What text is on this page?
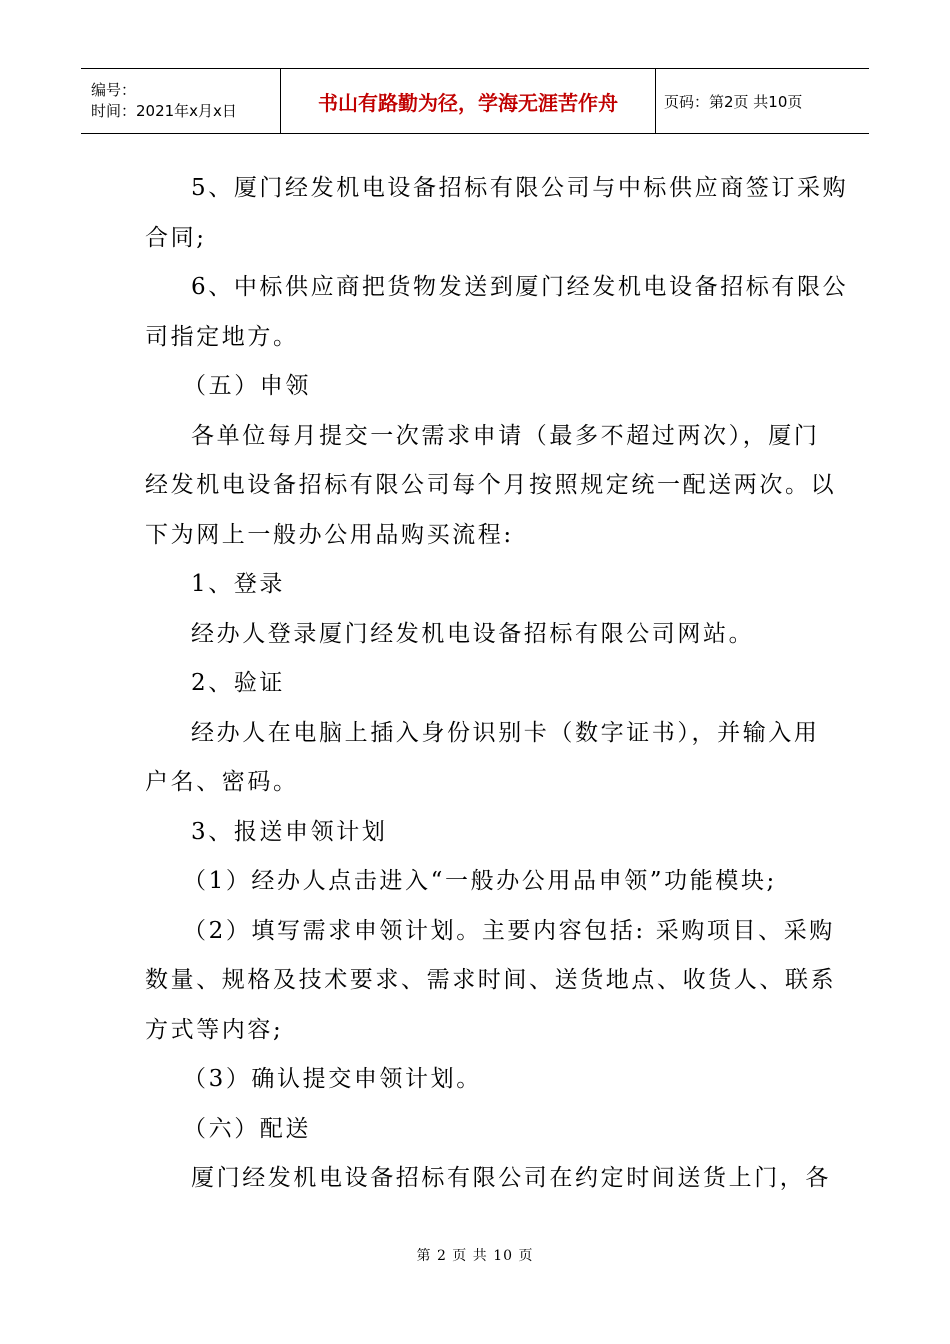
编号：
时间：2021年x月x日	书山有路勤为径，学海无涯苦作舟	页码：第2页 共10页

5、厦门经发机电设备招标有限公司与中标供应商签订采购

合同;

6、中标供应商把货物发送到厦门经发机电设备招标有限公

司指定地方。

（五）申领

各单位每月提交一次需求申请（最多不超过两次），厦门

经发机电设备招标有限公司每个月按照规定统一配送两次。以

下为网上一般办公用品购买流程:

1、登录

经办人登录厦门经发机电设备招标有限公司网站。

2、验证

经办人在电脑上插入身份识别卡（数字证书），并输入用

户名、密码。

3、报送申领计划

（1）经办人点击进入“一般办公用品申领”功能模块;

（2）填写需求申领计划。主要内容包括: 采购项目、采购

数量、规格及技术要求、需求时间、送货地点、收货人、联系

方式等内容;

（3）确认提交申领计划。

（六）配送

厦门经发机电设备招标有限公司在约定时间送货上门，各

第 2 页 共 10 页
